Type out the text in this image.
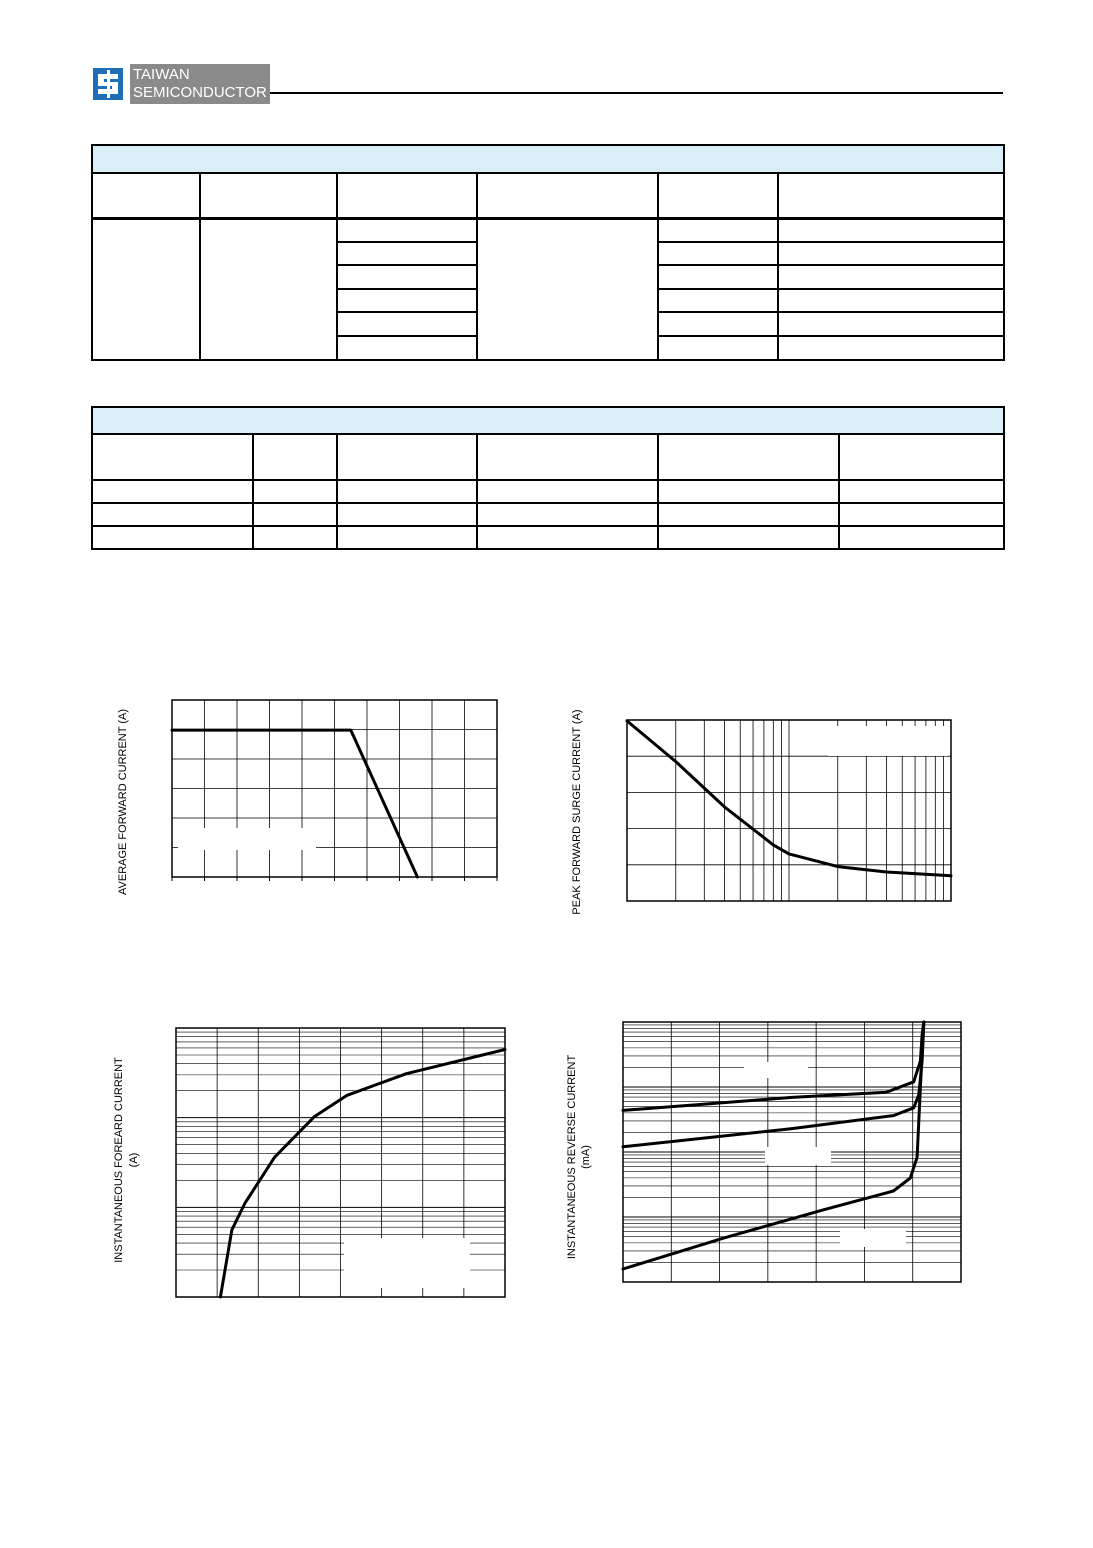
TAIWAN
SEMICONDUCTOR

AVERAGE FORWARD CURRENT (A)	PEAK FORWARD SURGE CURRENT (A)
INSTANTANEOUS FOREARD CURRENT (A)	INSTANTANEOUS REVERSE CURRENT (mA)
